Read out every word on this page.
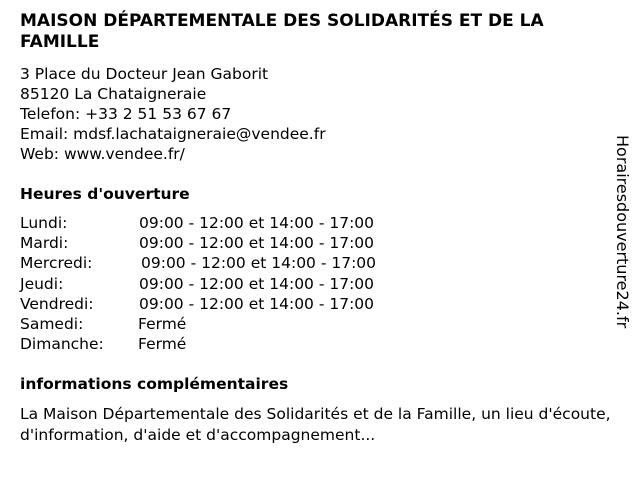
MAISON DÉPARTEMENTALE DES SOLIDARITÉS ET DE LA FAMILLE
3 Place du Docteur Jean Gaborit
85120 La Chataigneraie
Telefon: +33 2 51 53 67 67
Email: mdsf.lachataigneraie@vendee.fr
Web: www.vendee.fr/
Heures d'ouverture
Lundi:	09:00 - 12:00 et 14:00 - 17:00
Mardi:	09:00 - 12:00 et 14:00 - 17:00
Mercredi:	09:00 - 12:00 et 14:00 - 17:00
Jeudi:	09:00 - 12:00 et 14:00 - 17:00
Vendredi:	09:00 - 12:00 et 14:00 - 17:00
Samedi:	Fermé
Dimanche: Fermé
informations complémentaires

La Maison Départementale des Solidarités et de la Famille, un lieu d'écoute, d'information, d'aide et d'accompagnement...

Horairesdouverture24.fr
